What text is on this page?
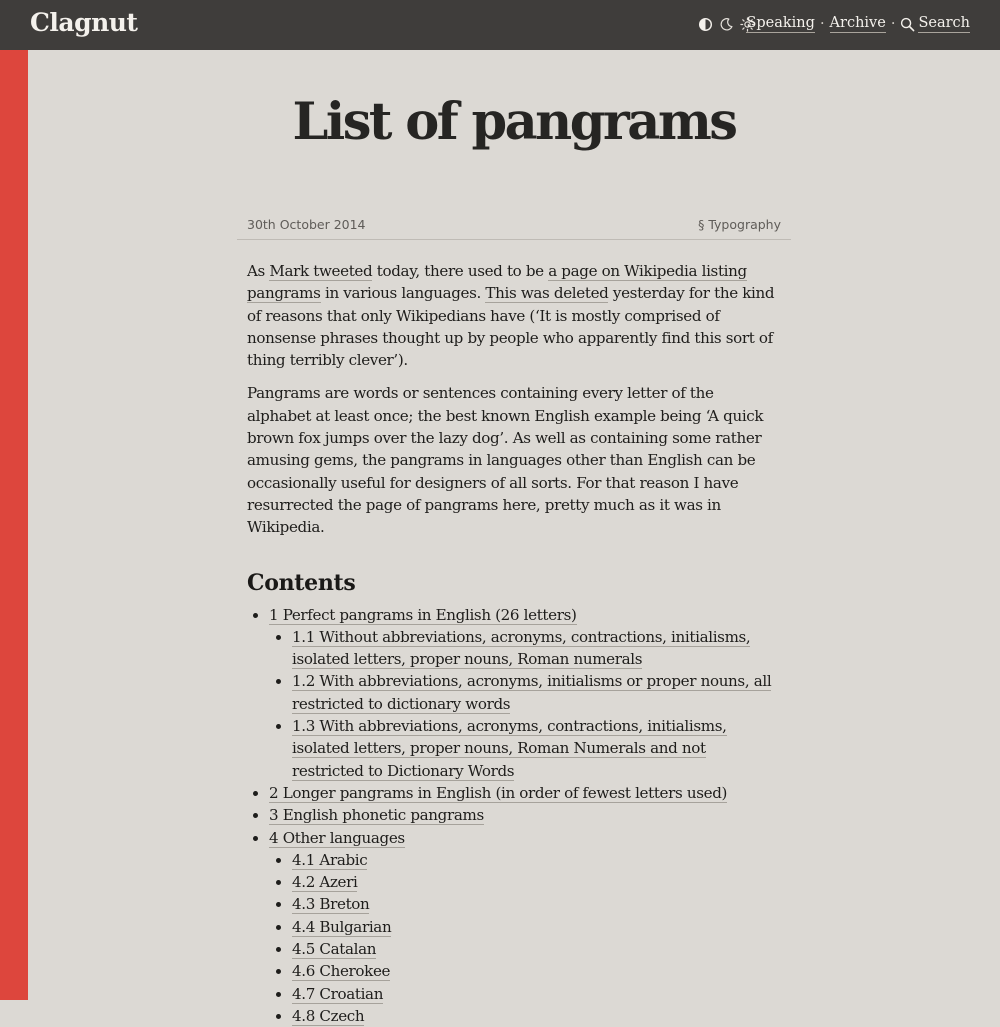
Clagnut	Speaking · Archive · Search
List of pangrams
30th October 2014	§ Typography

As Mark tweeted today, there used to be a page on Wikipedia listing pangrams in various languages. This was deleted yesterday for the kind of reasons that only Wikipedians have (‘It is mostly comprised of nonsense phrases thought up by people who apparently find this sort of thing terribly clever’).

Pangrams are words or sentences containing every letter of the alphabet at least once; the best known English example being ‘A quick brown fox jumps over the lazy dog’. As well as containing some rather amusing gems, the pangrams in languages other than English can be occasionally useful for designers of all sorts. For that reason I have resurrected the page of pangrams here, pretty much as it was in Wikipedia.

Contents
• 1 Perfect pangrams in English (26 letters)
• 1.1 Without abbreviations, acronyms, contractions, initialisms, isolated letters, proper nouns, Roman numerals
• 1.2 With abbreviations, acronyms, initialisms or proper nouns, all restricted to dictionary words
• 1.3 With abbreviations, acronyms, contractions, initialisms, isolated letters, proper nouns, Roman Numerals and not restricted to Dictionary Words
• 2 Longer pangrams in English (in order of fewest letters used)
• 3 English phonetic pangrams
• 4 Other languages
• 4.1 Arabic
• 4.2 Azeri
• 4.3 Breton
• 4.4 Bulgarian
• 4.5 Catalan
• 4.6 Cherokee
• 4.7 Croatian
• 4.8 Czech
